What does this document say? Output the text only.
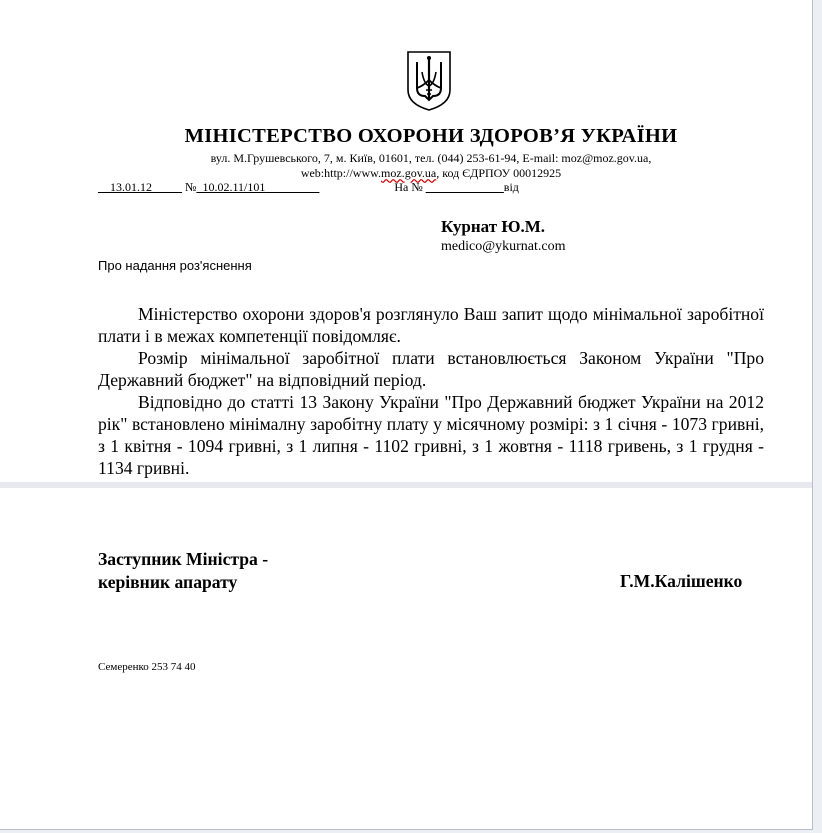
МІНІСТЕРСТВО ОХОРОНИ ЗДОРОВ’Я УКРАЇНИ
вул. М.Грушевського, 7, м. Київ, 01601, тел. (044) 253-61-94, E-mail: moz@moz.gov.ua,
web:http://www.moz.gov.ua, код ЄДРПОУ 00012925
__13.01.12_____ №_10.02.11/101_________	На № _____________від
Курнат Ю.М.
medico@ykurnat.com
Про надання роз'яснення

Міністерство охорони здоров'я розглянуло Ваш запит щодо мінімальної заробітної плати і в межах компетенції повідомляє.

Розмір мінімальної заробітної плати встановлюється Законом України "Про Державний бюджет" на відповідний період.

Відповідно до статті 13 Закону України "Про Державний бюджет України на 2012 рік" встановлено мінімалну заробітну плату у місячному розмірі: з 1 січня - 1073 гривні, з 1 квітня - 1094 гривні, з 1 липня - 1102 гривні, з 1 жовтня - 1118 гривень, з 1 грудня - 1134 гривні.

Заступник Міністра -
керівник апарату	Г.М.Калішенко
Семеренко 253 74 40
